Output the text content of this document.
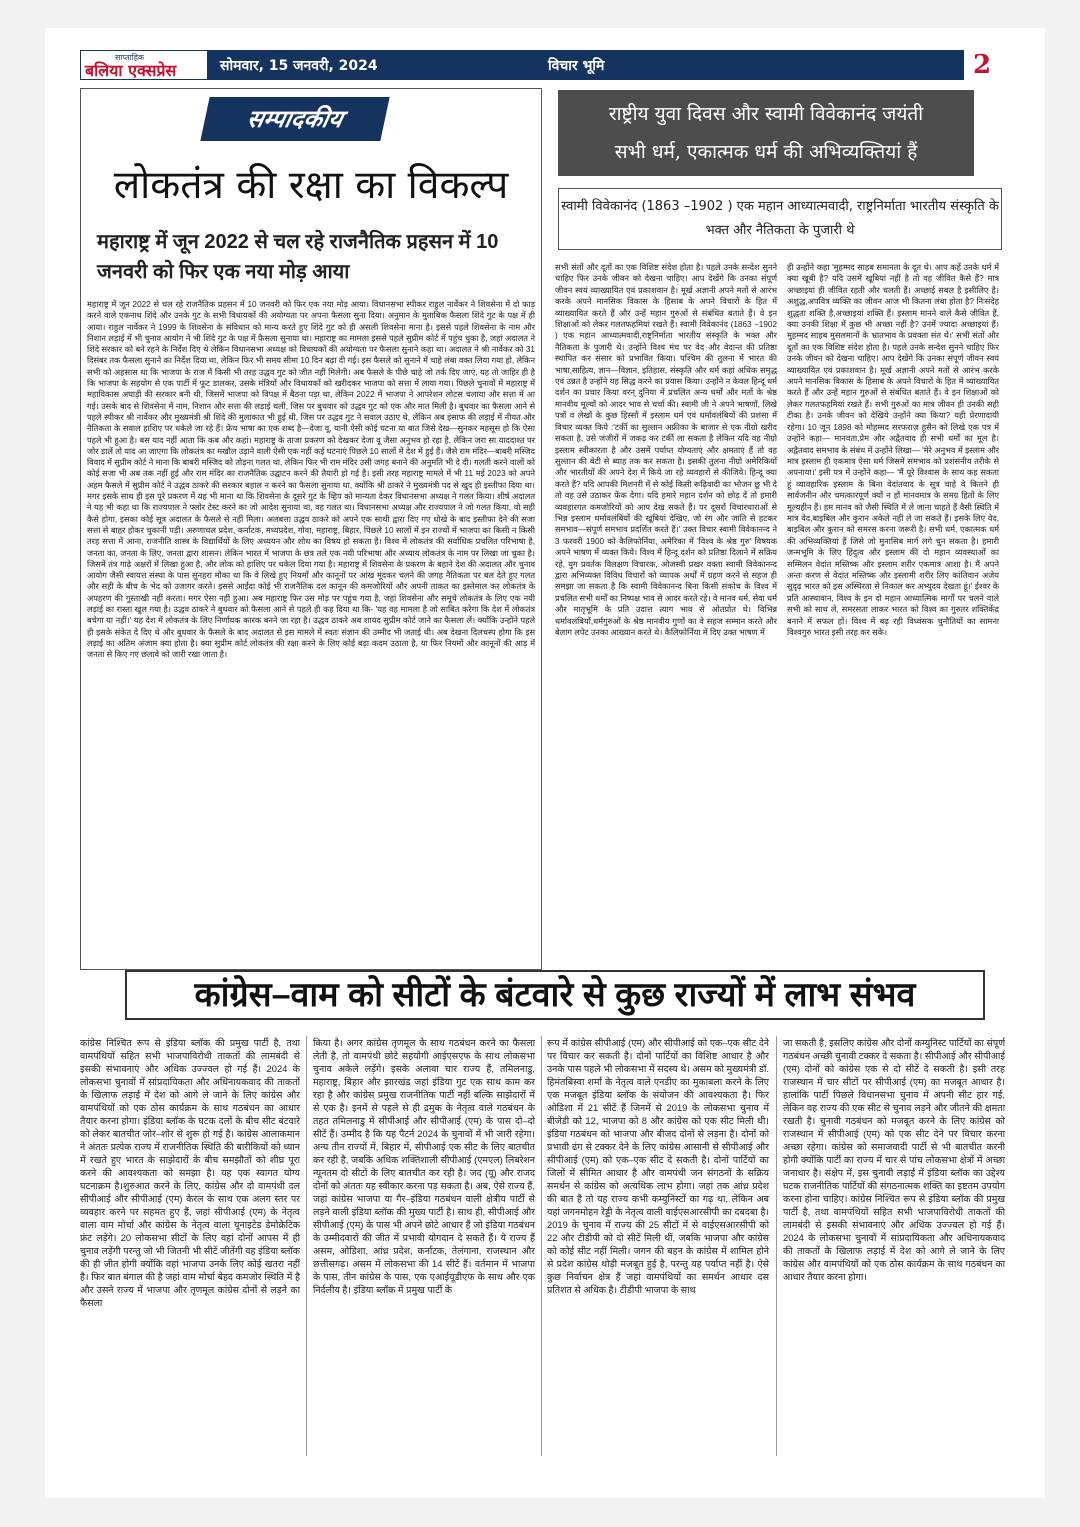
साप्ताहिक
बलिया एक्सप्रेस	सोमवार, 15 जनवरी, 2024	विचार भूमि	2
सम्पादकीय
लोकतंत्र की रक्षा का विकल्प
महाराष्ट्र में जून 2022 से चल रहे राजनैतिक प्रहसन में 10 जनवरी को फिर एक नया मोड़ आया

महाराष्ट्र में जून 2022 से चल रहे राजनैतिक प्रहसन में 10 जनवरी को फिर एक नया मोड़ आया। विधानसभा स्पीकर राहुल नार्वेकर ने शिवसेना में दो फाड़ करने वाले एकनाथ शिंदे और उनके गुट के सभी विधायकों की अयोग्यता पर अपना फैसला सुना दिया। अनुमान के मुताबिक फैसला शिंदे गुट के पक्ष में ही आया। राहुल नार्वेकर ने 1999 के शिवसेना के संविधान को मान्य करते हुए शिंदे गुट को ही असली शिवसेना माना है। इससे पहले शिवसेना के नाम और निशान लड़ाई में भी चुनाव आयोग ने भी शिंदे गुट के पक्ष में फैसला सुनाया था। महाराष्ट्र का मामला इससे पहले सुप्रीम कोर्ट में पहुंच चुका है, जहां अदालत ने शिंदे सरकार को बने रहने के निर्देश दिए थे लेकिन विधानसभा अध्यक्ष को विधायकों की अयोग्यता पर फैसला सुनाने कहा था। अदालत ने श्री नार्वेकर को 31 दिसंबर तक फैसला सुनाने का निर्देश दिया था, लेकिन फिर भी समय सीमा 10 दिन बढ़ा दी गई। इस फैसले को सुनाने में चाहे लंबा वक्त लिया गया हो, लेकिन सभी को अहसास था कि भाजपा के राज में किसी भी तरह उद्धव गुट को जीत नहीं मिलेगी। अब फैसले के पीछे चाहे जो तर्क दिए जाएं, यह तो जाहिर ही है कि भाजपा के सहयोग से एक पार्टी में फूट डालकर, उसके मंत्रियों और विधायकों को खरीदकर भाजपा को सत्ता में लाया गया। पिछले चुनावों में महाराष्ट्र में महाविकास अघाड़ी की सरकार बनी थी, जिसमें भाजपा को विपक्ष में बैठना पड़ा था, लेकिन 2022 में भाजपा ने आपरेशन लोटस चलाया और सत्ता में आ गई। उसके बाद से शिवसेना में नाम, निशान और सत्ता की लड़ाई चली, जिस पर बुधवार को उद्धव गुट को एक और मात मिली है। बुधवार का फैसला आने से पहले स्पीकर श्री नार्वेकर और मुख्यमंत्री श्री शिंदे की मुलाकात भी हुई थी, जिस पर उद्धव गुट ने सवाल उठाए थे, लेकिन अब इंसाफ की लड़ाई में नीयत और नैतिकता के सवाल हाशिए पर धकेले जा रहे हैं। फ्रेंच भाषा का एक शब्द है—देजा वू, यानी ऐसी कोई घटना या बात जिसे देख—सुनकर महसूस हो कि ऐसा पहले भी हुआ है। बस याद नहीं आता कि कब और कहां। महाराष्ट्र के ताजा प्रकरण को देखकर देजा वू जैसा अनुभव हो रहा है, लेकिन जरा सा याददाश्त पर जोर डालें तो याद आ जाएगा कि लोकतंत्र का मखौल उड़ाने वाली ऐसी एक नहीं कई घटनाएं पिछले 10 सालों में देश में हुई हैं। जैसे राम मंदिर—बाबरी मस्जिद विवाद में सुप्रीम कोर्ट ने माना कि बाबरी मस्जिद को तोड़ना गलत था, लेकिन फिर भी राम मंदिर उसी जगह बनाने की अनुमति भी दे दी। गलती करने वालों को कोई सजा भी अब तक नहीं हुई और राम मंदिर का राजनैतिक उद्घाटन करने की तैयारी हो गई है। इसी तरह महाराष्ट्र मामले में भी 11 मई 2023 को अपने अहम फैसले में सुप्रीम कोर्ट ने उद्धव ठाकरे की सरकार बहाल न करने का फैसला सुनाया था, क्योंकि श्री ठाकरे ने मुख्यमंत्री पद से खुद ही इस्तीफा दिया था। मगर इसके साथ ही इस पूरे प्रकरण में यह भी माना था कि शिवसेना के दूसरे गुट के व्हिप को मान्यता देकर विधानसभा अध्यक्ष ने गलत किया। शीर्ष अदालत ने यह भी कहा था कि राज्यपाल ने फ्लोर टेस्ट करने का जो आदेश सुनाया था, वह गलत था। विधानसभा अध्यक्ष और राज्यपाल ने जो गलत किया, वो सही कैसे होगा, इसका कोई सूत्र अदालत के फैसले से नहीं मिला। अलबत्ता उद्धव ठाकरे को अपने एक साथी द्वारा दिए गए धोखे के बाद इस्तीफा देने की सजा सत्ता से बाहर होकर चुकानी पड़ी। अरुणाचल प्रदेश, कर्नाटक, मध्यप्रदेश, गोवा, महाराष्ट्र, बिहार, पिछले 10 सालों में इन राज्यों में भाजपा का किसी न किसी तरह सत्ता में आना, राजनीति शास्त्र के विद्यार्थियों के लिए अध्ययन और शोध का विषय हो सकता है। विश्व में लोकतंत्र की सर्वाधिक प्रचलित परिभाषा है, जनता का, जनता के लिए, जनता द्वारा शासन। लेकिन भारत में भाजपा के छत्र तले एक नयी परिभाषा और अध्याय लोकतंत्र के नाम पर लिखा जा चुका है। जिसमें तंत्र गाढ़े अक्षरों में लिखा हुआ है, और लोक को हाशिए पर धकेल दिया गया है। महाराष्ट्र में शिवसेना के प्रकरण के बहाने देश की अदालत और चुनाव आयोग जैसी स्वायत्त संस्था के पास सुनहरा मौका था कि वे लिखे हुए नियमों और कानूनों पर आंख मूंदकर चलने की जगह नैतिकता पर बल देते हुए गलत और सही के बीच के भेद को उजागर करते। इससे आईंदा कोई भी राजनैतिक दल कानून की कमजोरियों और अपनी ताकत का इस्तेमाल कर लोकतंत्र के अपहरण की गुस्ताखी नहीं करता। मगर ऐसा नहीं हुआ। अब महाराष्ट्र फिर उस मोड़ पर पहुंच गया है, जहां शिवसेना और समूचे लोकतंत्र के लिए एक नयी लड़ाई का रास्ता खुल गया है। उद्धव ठाकरे ने बुधवार को फैसला आने से पहले ही कह दिया था कि- 'यह वह मामला है जो साबित करेगा कि देश में लोकतंत्र बचेगा या नहीं।' यह देश में लोकतंत्र के लिए निर्णायक कारक बनने जा रहा है। उद्धव ठाकरे अब शायद सुप्रीम कोर्ट जाने का फैसला लें। क्योंकि उन्होंने पहले ही इसके संकेत दे दिए थे और बुधवार के फैसले के बाद अदालत से इस मामले में स्वतः संज्ञान की उम्मीद भी जताई थी। अब देखना दिलचस्प होगा कि इस लड़ाई का अंतिम अंजाम क्या होता है। क्या सुप्रीम कोर्ट लोकतंत्र की रक्षा करने के लिए कोई बड़ा कदम उठाता है, या फिर नियमों और कानूनों की आड़ में जनता से किए गए छलावे को जारी रखा जाता है।

राष्ट्रीय युवा दिवस और स्वामी विवेकानंद जयंती
सभी धर्म, एकात्मक धर्म की अभिव्यक्तियां हैं
स्वामी विवेकानंद (1863 –1902 ) एक महान आध्यात्मवादी, राष्ट्रनिर्माता भारतीय संस्कृति के भक्त और नैतिकता के पुजारी थे

सभी संतों और दूतों का एक विशिष्ट संदेश होता है। पहले उनके सन्देश सुनने चाहिए फिर उनके जीवन को देखना चाहिए। आप देखेंगे कि उनका संपूर्ण जीवन स्वयं व्याख्यायित एवं प्रकाशवान है। मूर्ख अज्ञानी अपने मतों से आरंभ करके अपने मानसिक विकास के हिसाब के अपने विचारों के हित में व्याख्यायित करते हैं और उन्हें महान गुरुओं से संबंधित बताते हैं। वे इन शिक्षाओं को लेकर गलतफहमियां रखते हैं। स्वामी विवेकानंद (1863 –1902 ) एक महान आध्यात्मवादी,राष्ट्रनिर्माता भारतीय संस्कृति के भक्त और नैतिकता के पुजारी थे। उन्होंने विश्व मंच पर वेद और वेदान्त की प्रतिष्ठा स्थापित कर संसार को प्रभावित किया। पश्चिम की तुलना में भारत की भाषा,साहित्य, ज्ञान—विज्ञान, इतिहास, संस्कृति और धर्म कहां अधिक समृद्ध एवं उन्नत है उन्होंने यह सिद्ध करने का प्रयास किया। उन्होंने न केवल हिन्दू धर्म दर्शन का प्रचार किया वरन् दुनिया में प्रचलित अन्य धर्मों और मतों के श्रेष्ठ मानवीय मूल्यों को आदर भाव से चर्चा की। स्वामी जी ने अपने भाषणों, लिखे पत्रों व लेखों के कुछ हिस्सों में इस्लाम धर्म एवं धर्मावलंबियों की प्रशंसा में विचार व्यक्त किये :'टर्की का सुल्तान अफ्रीका के बाजार से एक नीग्रो खरीद सकता है, उसे जंजीरों में जकड़ कर टर्की ला सकता है लेकिन यदि वह नीग्रो इस्लाम स्वीकारता है और उसमें पर्याप्त योग्यताएं और क्षमताएं हैं तो वह सुल्तान की बेटी से ब्याह तक कर सकता है। इसकी तुलना नीग्रो अमेरिकियों और भारतीयों की अपने देश में किये जा रहे व्यवहारों से कीजिये। हिन्दू क्या करते हैं? यदि आपकी मिशनरी में से कोई किसी रूढ़िवादी का भोजन छू भी दे तो वह उसे उठाकर फेंक देगा। यदि हमारे महान दर्शन को छोड़ दें तो हमारी व्यवहारगत कमजोरियों को आप देख सकते हैं। पर दूसरों विचारधाराओं से भिन्न इस्लाम धर्मावलंबियों की खूबियां देखिए, जो रंग और जाति से हटकर समभाव—संपूर्ण समभाव प्रदर्शित करते हैं।' उक्त विचार स्वामी विवेकानन्द ने 3 फरवरी 1900 को कैलिफोर्निया, अमेरिका में 'विश्व के श्रेष्ठ गुरु' विषयक अपने भाषण में व्यक्त किये। विश्व में हिन्दू दर्शन को प्रतिष्ठा दिलाने में सक्रिय रहे, युग प्रवर्तक विलक्षण विचारक, ओजस्वी प्रखर वक्ता स्वामी विवेकानन्द द्वारा अभिव्यक्त विविध विचारों को व्यापक अर्थों में ग्रहण करने से सहज ही समझा जा सकता है कि स्वामी विवेकानन्द बिना किसी संकोच के विश्व में प्रचलित सभी धर्मों का निष्पक्ष भाव से आदर करते रहे। वे मानव धर्म, सेवा धर्म और मातृभूमि के प्रति उदात्त त्याग भाव से ओतप्रोत थे। विभिन्न धर्मावलंबियों,धर्मगुरुओं के श्रेष्ठ मानवीय गुणों का वे सहज सम्मान करते और बेलाग लपेट उनका आख्यान करते थे। कैलिफोर्निया में दिए उक्त भाषण में

ही उन्होंने कहा 'मुहम्मद साहब समानता के दूत थे। आप कहें उनके धर्म में क्या खूबी है? यदि उसमें खूबियां नहीं है तो वह जीवित कैसे हैं? मात्र अच्छाइयां ही जीवित रहती और चलती हैं। अच्छाई सबल है इसीलिए है। अशुद्ध,अपवित्र व्यक्ति का जीवन आज भी कितना लंबा होता है? निःसंदेह शुद्धता शक्ति है,अच्छाइयां शक्ति हैं। इस्लाम मानने वाले कैसे जीवित हैं, क्या उनकी शिक्षा में कुछ भी अच्छा नहीं है? उनमें ज्यादा अच्छाइयां हैं। मुहम्मद साहब मुसलमानों के भ्रातभाव के प्रवक्ता संत थे।' सभी संतों और दूतों का एक विशिष्ट संदेश होता है। पहले उनके सन्देश सुनने चाहिए फिर उनके जीवन को देखना चाहिए। आप देखेंगे कि उनका संपूर्ण जीवन स्वयं व्याख्यायित एवं प्रकाशवान है। मूर्ख अज्ञानी अपने मतों से आरंभ करके अपने मानसिक विकास के हिसाब के अपने विचारों के हित में व्याख्यायित करते हैं और उन्हें महान गुरुओं से संबंधित बताते हैं। वे इन शिक्षाओं को लेकर गलतफहमियां रखते हैं। सभी गुरुओं का मात्र जीवन ही उनकी सही टीका है। उनके जीवन को देखिये उन्होंने क्या किया? यही प्रेरणादायी रहेगा। 10 जून 1898 को मोहम्मद सरफराज़ हुसैन को लिखे एक पत्र में उन्होंने कहा— मानवता,प्रेम और अद्वैतवाद ही सभी धर्मों का मूल है। अद्वैतवाद समभाव के संबंध में उन्होंने लिखा— 'मेरे अनुभव में इस्लाम और मात्र इस्लाम ही एकमात्र ऐसा धर्म जिसमें समभाव को प्रशंसनीय तरीके से अपनाया।' इसी पत्र में उन्होंने कहा— 'मैं पूरे विश्वास के साथ कह सकता हूं व्यावहारिक इस्लाम के बिना वेदांतवाद के सूत्र चाहे वे कितने ही सार्वजनीन और चमत्कारपूर्ण क्यों न हों मानवमात्र के समग्र हितों के लिए मूल्यहीन हैं। हम मानव को जैसी स्थिति में ले जाना चाहते हैं वैसी स्थिति में मात्र वेद,बाइबिल और कुरान अकेले नहीं ले जा सकते हैं। इसके लिए वेद, बाइबिल और कुरान को समरस करना जरूरी है। सभी धर्म, एकात्मक धर्म की अभिव्यक्तियां हैं जिसे जो मुनासिब मार्ग लगे चुन सकता है। हमारी जन्मभूमि के लिए हिंदुत्व और इस्लाम की दो महान व्यवस्थाओं का सम्मिलन वेदांत मस्तिष्क और इस्लाम शरीर एकमात्र आशा है। मैं अपने अन्तः करण से वेदांत मस्तिष्क और इस्लामी शरीर लिए कांतिवान अजेय सुदृढ़ भारत को इस अस्थिरता से निकाल कर अभ्युदय देखता हूं।' ईश्वर के प्रति आस्थावान, विश्व के इन दो महान आध्यात्मिक मार्गों पर चलने वाले सभी को साथ ले, समरसता लाकर भारत को विश्व का गुरुतर शक्तिकेंद्र बनाने में सफल हों। विश्व में बढ़ रही विध्वंसक चुनौतियों का सामना विश्वगुरु भारत इसी तरह कर सके।

कांग्रेस–वाम को सीटों के बंटवारे से कुछ राज्यों में लाभ संभव

कांग्रेस निश्चित रूप से इंडिया ब्लॉक की प्रमुख पार्टी है, तथा वामपंथियों सहित सभी भाजपाविरोधी ताकतों की लामबंदी से इसकी संभावनाएं और अधिक उज्ज्वल हो गई हैं। 2024 के लोकसभा चुनावों में सांप्रदायिकता और अधिनायकवाद की ताकतों के खिलाफ लड़ाई में देश को आगे ले जाने के लिए कांग्रेस और वामपंथियों को एक ठोस कार्यक्रम के साथ गठबंधन का आधार तैयार करना होगा। इंडिया ब्लॉक के घटक दलों के बीच सीट बंटवारे को लेकर बातचीत जोर–शोर से शुरू हो गई है। कांग्रेस आलाकमान ने अंततः प्रत्येक राज्य में राजनीतिक स्थिति की बारीकियों को ध्यान में रखते हुए भारत के साझेदारों के बीच समझौतों को शीघ्र पूरा करने की आवश्यकता को समझा है। यह एक स्वागत योग्य घटनाक्रम है।शुरुआत करने के लिए, कांग्रेस और दो वामपंथी दल सीपीआई और सीपीआई (एम) केरल के साथ एक अलग स्तर पर व्यवहार करने पर सहमत हुए हैं, जहां सीपीआई (एम) के नेतृत्व वाला वाम मोर्चा और कांग्रेस के नेतृत्व वाला यूनाइटेड डेमोक्रेटिक फ्रंट लड़ेंगे। 20 लोकसभा सीटों के लिए वहां दोनों आपस में ही चुनाव लड़ेंगी परन्तु जो भी जितनी भी सीटें जीतेंगी वह इंडिया ब्लॉक की ही जीत होगी क्योंकि वहां भाजपा उनके लिए कोई खतरा नहीं है। फिर बात बंगाल की है जहां वाम मोर्चा बेहद कमजोर स्थिति में है और उसने राज्य में भाजपा और तृणमूल कांग्रेस दोनों से लड़ने का फैसला

किया है। अगर कांग्रेस तृणमूल के साथ गठबंधन करने का फैसला लेती है, तो वामपंथी छोटे सहयोगी आईएसएफ के साथ लोकसभा चुनाव अकेले लड़ेंगे। इसके अलावा चार राज्य हैं, तमिलनाडु, महाराष्ट्र, बिहार और झारखंड जहां इंडिया गुट एक साथ काम कर रहा है और कांग्रेस प्रमुख राजनीतिक पार्टी नहीं बल्कि साझेदारों में से एक है। इनमें से पहले से ही द्रमुक के नेतृत्व वाले गठबंधन के तहत तमिलनाडु में सीपीआई और सीपीआई (एम) के पास दो–दो सीटें हैं। उम्मीद है कि यह पैटर्न 2024 के चुनावों में भी जारी रहेगा। अन्य तीन राज्यों में, बिहार में, सीपीआई एक सीट के लिए बातचीत कर रही है, जबकि अधिक शक्तिशाली सीपीआई (एमएल) लिबरेशन न्यूनतम दो सीटों के लिए बातचीत कर रही है। जद (यू) और राजद दोनों को अंततः यह स्वीकार करना पड़ सकता है। अब, ऐसे राज्य हैं, जहां कांग्रेस भाजपा या गैर–इंडिया गठबंधन वाली क्षेत्रीय पार्टी से लड़ने वाली इंडिया ब्लॉक की मुख्य पार्टी है। साथ ही, सीपीआई और सीपीआई (एम) के पास भी अपने छोटे आधार हैं जो इंडिया गठबंधन के उम्मीदवारों की जीत में प्रभावी योगदान दे सकते हैं। ये राज्य हैं असम, ओडिशा, आंध्र प्रदेश, कर्नाटक, तेलंगाना, राजस्थान और छत्तीसगढ़। असम में लोकसभा की 14 सीटें हैं। वर्तमान में भाजपा के पास, तीन कांग्रेस के पास, एक एआईयूडीएफ के साथ और एक निर्दलीय है। इंडिया ब्लॉक में प्रमुख पार्टी के

रूप में कांग्रेस सीपीआई (एम) और सीपीआई को एक–एक सीट देने पर विचार कर सकती है। दोनों पार्टियों का विशिष्ट आधार है और उनके पास पहले भी लोकसभा में सदस्य थे। असम को मुख्यमंत्री डॉ. हिमंतबिस्वा शर्मा के नेतृत्व वाले एनडीए का मुकाबला करने के लिए एक मजबूत इंडिया ब्लॉक के संयोजन की आवश्यकता है। फिर ओडिशा में 21 सीटें हैं जिनमें से 2019 के लोकसभा चुनाव में बीजेडी को 12, भाजपा को 8 और कांग्रेस को एक सीट मिली थी। इंडिया गठबंधन को भाजपा और बीजद दोनों से लड़ना है। दोनों को प्रभावी ढंग से टक्कर देने के लिए कांग्रेस आसानी से सीपीआई और सीपीआई (एम) को एक–एक सीट दे सकती है। दोनों पार्टियों का जिलों में सीमित आधार है और वामपंथी जन संगठनों के सक्रिय समर्थन से कांग्रेस को अत्यधिक लाभ होगा। जहां तक आंध्र प्रदेश की बात है तो यह राज्य कभी कम्युनिस्टों का गढ़ था, लेकिन अब यहां जगनमोहन रेड्डी के नेतृत्व वाली वाईएसआरसीपी का दबदबा है। 2019 के चुनाव में राज्य की 25 सीटों में से वाईएसआरसीपी को 22 और टीडीपी को दो सीटें मिली थीं, जबकि भाजपा और कांग्रेस को कोई सीट नहीं मिली। जगन की बहन के कांग्रेस में शामिल होने से प्रदेश कांग्रेस थोड़ी मजबूत हुई है, परन्तु यह पर्याप्त नहीं है। ऐसे कुछ निर्वाचन क्षेत्र हैं जहां वामपंथियों का समर्थन आधार दस प्रतिशत से अधिक है। टीडीपी भाजपा के साथ

जा सकती है, इसलिए कांग्रेस और दोनों कम्युनिस्ट पार्टियों का संपूर्ण गठबंधन अच्छी चुनावी टक्कर दे सकता है। सीपीआई और सीपीआई (एम) दोनों को कांग्रेस एक से दो सीटें दे सकती है। इसी तरह राजस्थान में चार सीटों पर सीपीआई (एम) का मजबूत आधार है। हालांकि पार्टी पिछले विधानसभा चुनाव में अपनी सीट हार गई, लेकिन वह राज्य की एक सीट से चुनाव लड़ने और जीतने की क्षमता रखती है। चुनावी गठबंधन को मजबूत करने के लिए कांग्रेस को राजस्थान में सीपीआई (एम) को एक सीट देने पर विचार करना अच्छा रहेगा। कांग्रेस को समाजवादी पार्टी से भी बातचीत करनी होगी क्योंकि पार्टी का राज्य में चार से पांच लोकसभा क्षेत्रों में अच्छा जनाधार है। संक्षेप में, इस चुनावी लड़ाई में इंडिया ब्लॉक का उद्देश्य घटक राजनीतिक पार्टियों की संगठनात्मक शक्ति का इष्टतम उपयोग करना होना चाहिए। कांग्रेस निश्चित रूप से इंडिया ब्लॉक की प्रमुख पार्टी है, तथा वामपंथियों सहित सभी भाजपाविरोधी ताकतों की लामबंदी से इसकी संभावनाएं और अधिक उज्ज्वल हो गई हैं। 2024 के लोकसभा चुनावों में सांप्रदायिकता और अधिनायकवाद की ताकतों के खिलाफ लड़ाई में देश को आगे ले जाने के लिए कांग्रेस और वामपंथियों को एक ठोस कार्यक्रम के साथ गठबंधन का आधार तैयार करना होगा।
